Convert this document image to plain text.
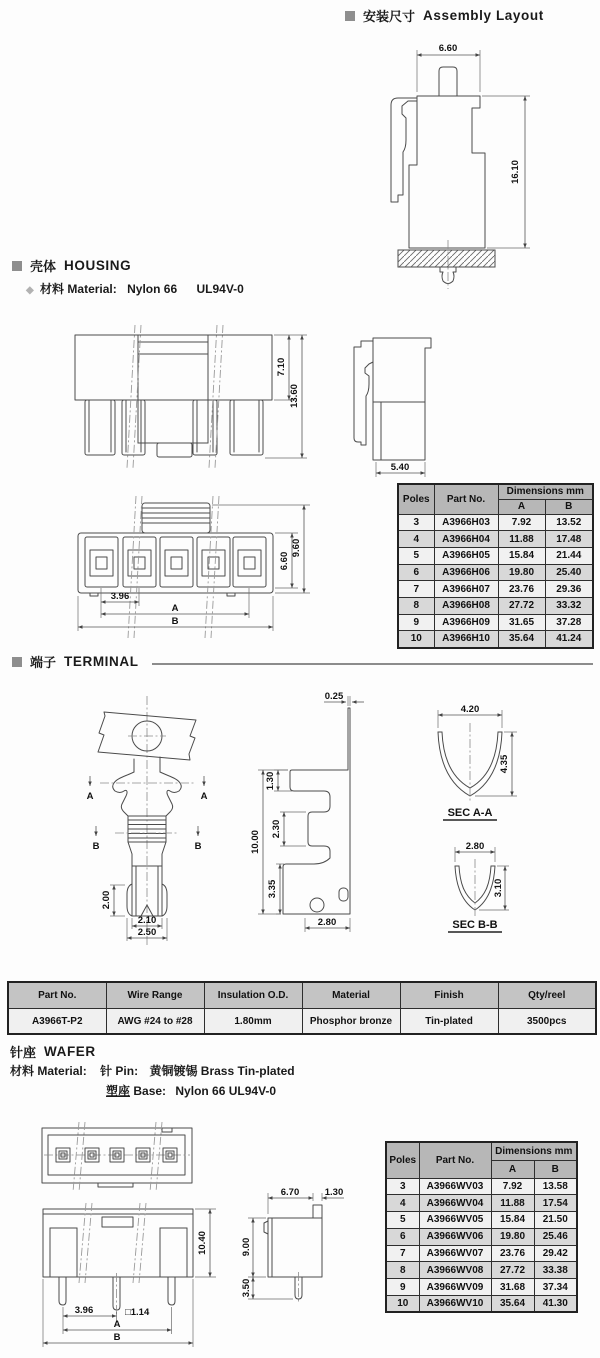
安装尺寸 Assembly Layout
6.60
16.10
壳体 HOUSING
◆ 材料 Material: Nylon 66 UL94V-0
7.10
13.60
5.40
6.60
9.60
3.96
A
B
Poles	Part No.	Dimensions mm	
		A	B
3	A3966H03	7.92	13.52
4	A3966H04	11.88	17.48
5	A3966H05	15.84	21.44
6	A3966H06	19.80	25.40
7	A3966H07	23.76	29.36
8	A3966H08	27.72	33.32
9	A3966H09	31.65	37.28
10	A3966H10	35.64	41.24
端子 TERMINAL
A	A
B	B
2.00
2.10
2.50
0.25
1.30
2.30
3.35
10.00
2.80
4.20
4.35
SEC A-A
2.80
3.10
SEC B-B
Part No.	Wire Range	Insulation O.D.	Material	Finish	Qty/reel
A3966T-P2	AWG #24 to #28	1.80mm	Phosphor bronze	Tin-plated	3500pcs
针座 WAFER
材料 Material: 针 Pin: 黄铜镀锡 Brass Tin-plated
塑座 Base: Nylon 66 UL94V-0
10.40
3.96	□1.14
A
B
6.70	1.30
9.00
3.50
Poles	Part No.	Dimensions mm	
		A	B
3	A3966WV03	7.92	13.58
4	A3966WV04	11.88	17.54
5	A3966WV05	15.84	21.50
6	A3966WV06	19.80	25.46
7	A3966WV07	23.76	29.42
8	A3966WV08	27.72	33.38
9	A3966WV09	31.68	37.34
10	A3966WV10	35.64	41.30
